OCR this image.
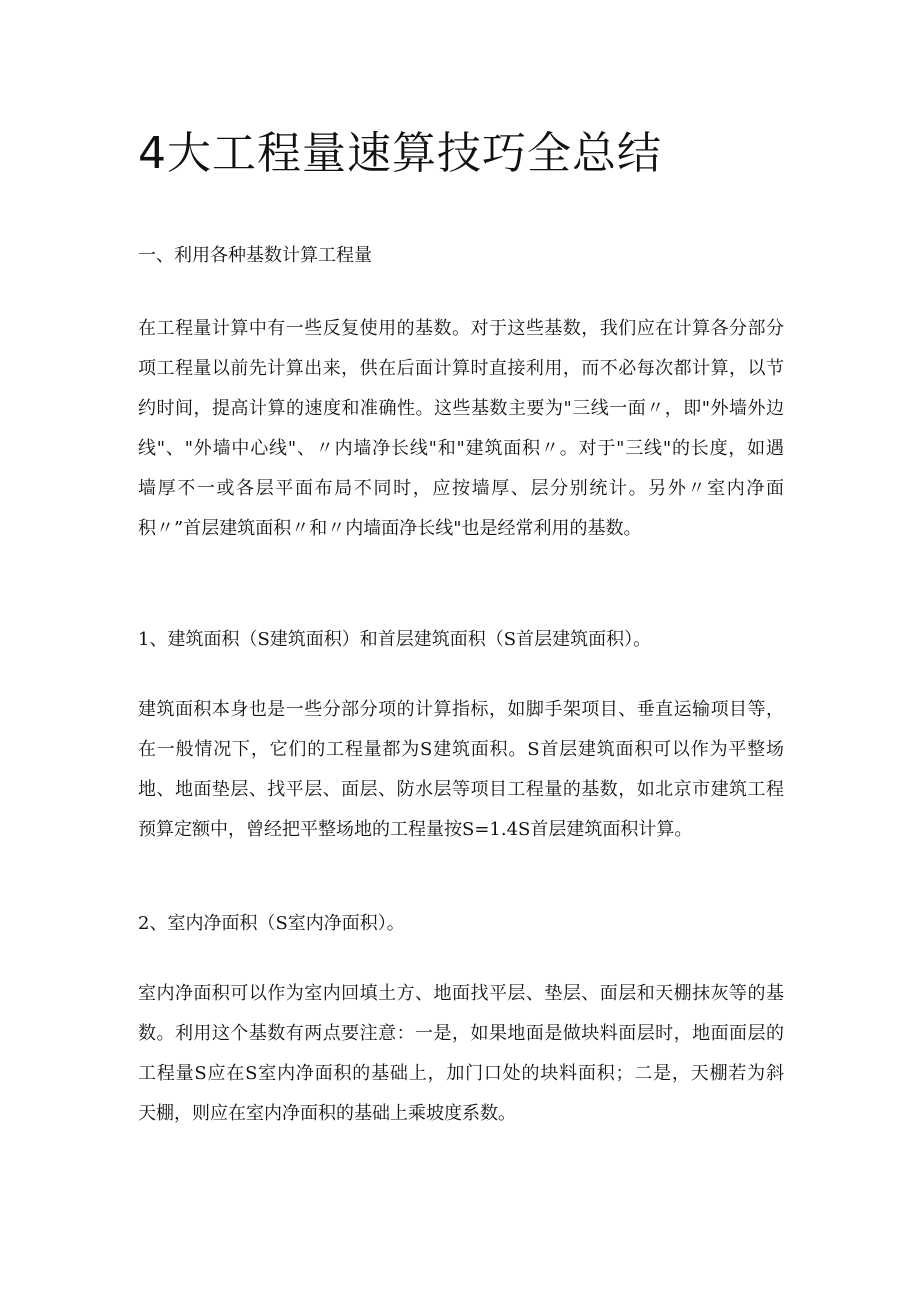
4大工程量速算技巧全总结

一、利用各种基数计算工程量

在工程量计算中有一些反复使用的基数。对于这些基数，我们应在计算各分部分
项工程量以前先计算出来，供在后面计算时直接利用，而不必每次都计算，以节
约时间，提高计算的速度和准确性。这些基数主要为"三线一面〃，即"外墙外边
线"、"外墙中心线"、〃内墙净长线"和"建筑面积〃。对于"三线"的长度，如遇
墙厚不一或各层平面布局不同时，应按墙厚、层分别统计。另外〃室内净面
积〃”首层建筑面积〃和〃内墙面净长线"也是经常利用的基数。

1、建筑面积（S建筑面积）和首层建筑面积（S首层建筑面积）。

建筑面积本身也是一些分部分项的计算指标，如脚手架项目、垂直运输项目等，
在一般情况下，它们的工程量都为S建筑面积。S首层建筑面积可以作为平整场
地、地面垫层、找平层、面层、防水层等项目工程量的基数，如北京市建筑工程
预算定额中，曾经把平整场地的工程量按S=1.4S首层建筑面积计算。

2、室内净面积（S室内净面积）。

室内净面积可以作为室内回填土方、地面找平层、垫层、面层和天棚抹灰等的基
数。利用这个基数有两点要注意：一是，如果地面是做块料面层时，地面面层的
工程量S应在S室内净面积的基础上，加门口处的块料面积；二是，天棚若为斜
天棚，则应在室内净面积的基础上乘坡度系数。
